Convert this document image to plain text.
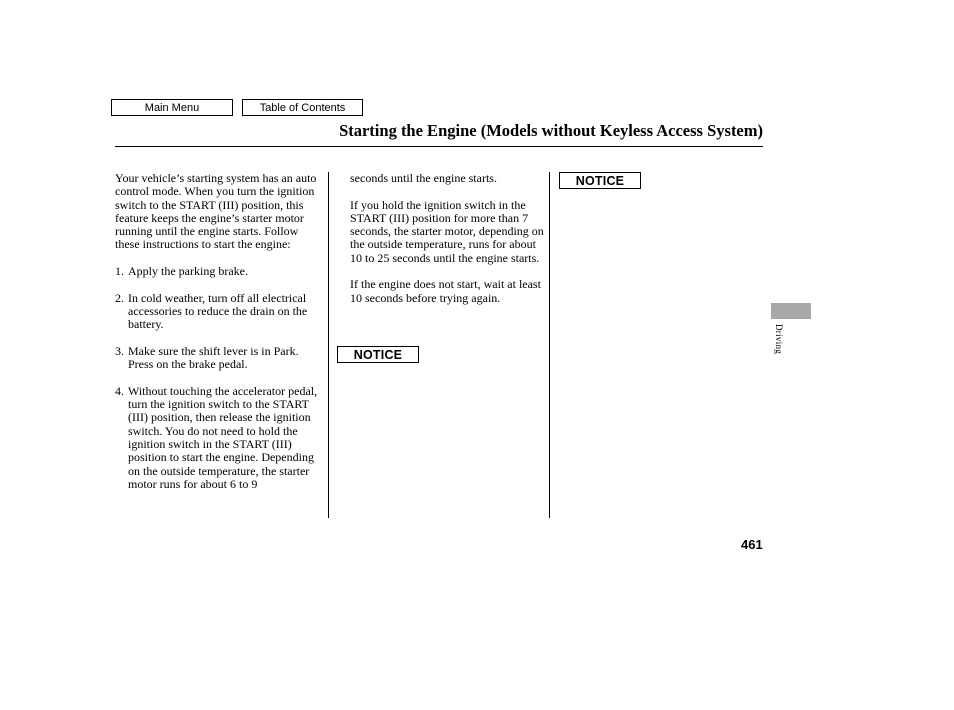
Main Menu	Table of Contents
Starting the Engine (Models without Keyless Access System)

Your vehicle’s starting system has an auto control mode. When you turn the ignition switch to the START (III) position, this feature keeps the engine’s starter motor running until the engine starts. Follow these instructions to start the engine:

1. Apply the parking brake.
2. In cold weather, turn off all electrical accessories to reduce the drain on the battery.
3. Make sure the shift lever is in Park. Press on the brake pedal.
4. Without touching the accelerator pedal, turn the ignition switch to the START (III) position, then release the ignition switch. You do not need to hold the ignition switch in the START (III) position to start the engine. Depending on the outside temperature, the starter motor runs for about 6 to 9

seconds until the engine starts.

If you hold the ignition switch in the START (III) position for more than 7 seconds, the starter motor, depending on the outside temperature, runs for about 10 to 25 seconds until the engine starts.

If the engine does not start, wait at least 10 seconds before trying again.

NOTICE
NOTICE
Driving
461
